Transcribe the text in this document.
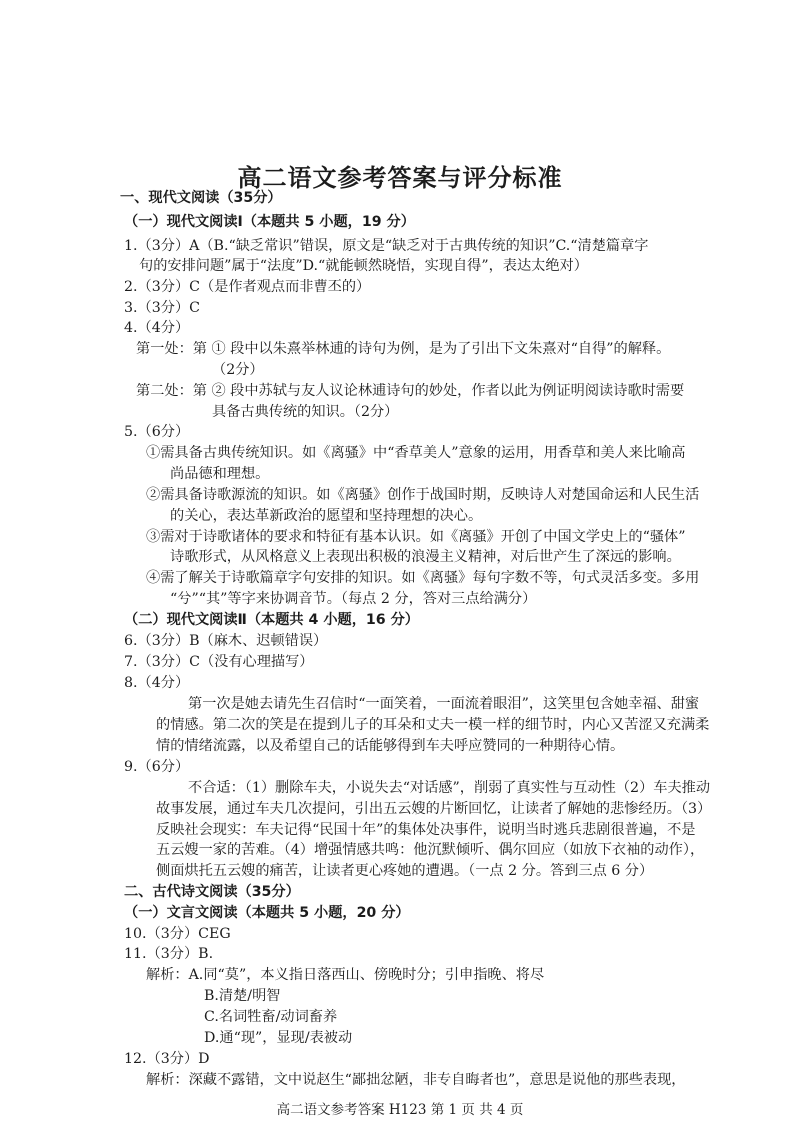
高二语文参考答案与评分标准
一、现代文阅读（35分）
（一）现代文阅读Ⅰ（本题共 5 小题，19 分）
1.（3分）A（B.“缺乏常识”错误，原文是“缺乏对于古典传统的知识”C.“清楚篇章字
句的安排问题”属于“法度”D.“就能顿然晓悟，实现自得”，表达太绝对）
2.（3分）C（是作者观点而非曹丕的）
3.（3分）C
4.（4分）
第一处：第 ① 段中以朱熹举林逋的诗句为例，是为了引出下文朱熹对“自得”的解释。
（2分）
第二处：第 ② 段中苏轼与友人议论林逋诗句的妙处，作者以此为例证明阅读诗歌时需要
具备古典传统的知识。（2分）
5.（6分）
①需具备古典传统知识。如《离骚》中“香草美人”意象的运用，用香草和美人来比喻高
尚品德和理想。
②需具备诗歌源流的知识。如《离骚》创作于战国时期，反映诗人对楚国命运和人民生活
的关心，表达革新政治的愿望和坚持理想的决心。
③需对于诗歌诸体的要求和特征有基本认识。如《离骚》开创了中国文学史上的“骚体”
诗歌形式，从风格意义上表现出积极的浪漫主义精神，对后世产生了深远的影响。
④需了解关于诗歌篇章字句安排的知识。如《离骚》每句字数不等，句式灵活多变。多用
“兮”“其”等字来协调音节。（每点 2 分，答对三点给满分）
（二）现代文阅读Ⅱ（本题共 4 小题，16 分）
6.（3分）B（麻木、迟顿错误）
7.（3分）C（没有心理描写）
8.（4分）
第一次是她去请先生召信时“一面笑着，一面流着眼泪”，这笑里包含她幸福、甜蜜
的情感。第二次的笑是在提到儿子的耳朵和丈夫一模一样的细节时，内心又苦涩又充满柔
情的情绪流露，以及希望自己的话能够得到车夫呼应赞同的一种期待心情。
9.（6分）
不合适：（1）删除车夫，小说失去“对话感”，削弱了真实性与互动性（2）车夫推动
故事发展，通过车夫几次提问，引出五云嫂的片断回忆，让读者了解她的悲惨经历。（3）
反映社会现实：车夫记得“民国十年”的集体处决事件，说明当时逃兵悲剧很普遍，不是
五云嫂一家的苦难。（4）增强情感共鸣：他沉默倾听、偶尔回应（如放下衣袖的动作），
侧面烘托五云嫂的痛苦，让读者更心疼她的遭遇。（一点 2 分。答到三点 6 分）
二、古代诗文阅读（35分）
（一）文言文阅读（本题共 5 小题，20 分）
10.（3分）CEG
11.（3分）B.
解析：A.同“莫”，本义指日落西山、傍晚时分；引申指晚、将尽
B.清楚/明智
C.名词牲畜/动词畜养
D.通“现”，显现/表被动
12.（3分）D
解析：深藏不露错，文中说赵生“鄙拙忿陋，非专自晦者也”，意思是说他的那些表现，
高二语文参考答案 H123 第 1 页 共 4 页
